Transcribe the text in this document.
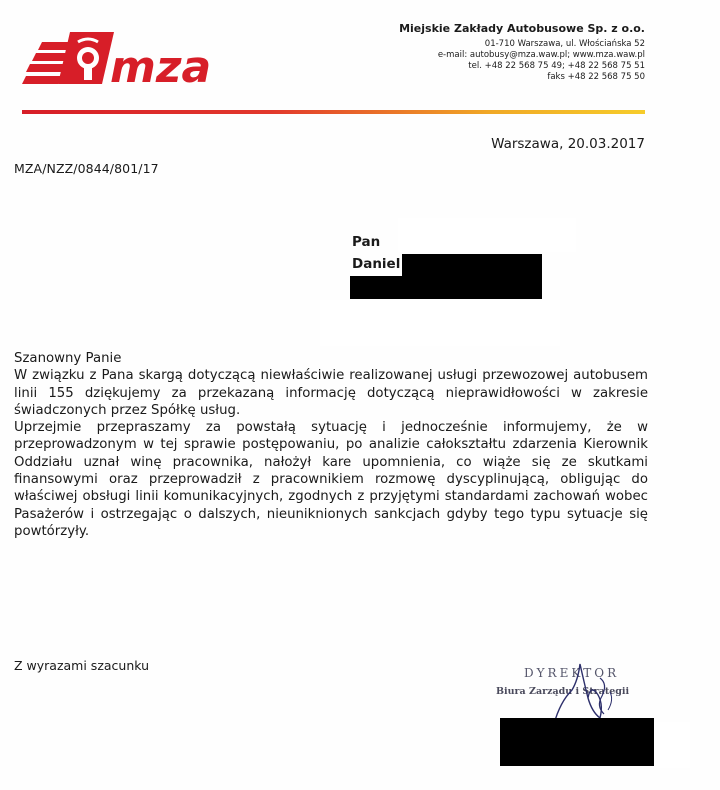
mza
Miejskie Zakłady Autobusowe Sp. z o.o.
01-710 Warszawa, ul. Włościańska 52
e-mail: autobusy@mza.waw.pl; www.mza.waw.pl
tel. +48 22 568 75 49; +48 22 568 75 51
faks +48 22 568 75 50
Warszawa, 20.03.2017
MZA/NZZ/0844/801/17
Pan
Daniel

Szanowny Panie

W związku z Pana skargą dotyczącą niewłaściwie realizowanej usługi przewozowej autobusem linii 155 dziękujemy za przekazaną informację dotyczącą nieprawidłowości w zakresie świadczonych przez Spółkę usług.

Uprzejmie przepraszamy za powstałą sytuację i jednocześnie informujemy, że w przeprowadzonym w tej sprawie postępowaniu, po analizie całokształtu zdarzenia Kierownik Oddziału uznał winę pracownika, nałożył kare upomnienia, co wiąże się ze skutkami finansowymi oraz przeprowadził z pracownikiem rozmowę dyscyplinującą, obligując do właściwej obsługi linii komunikacyjnych, zgodnych z przyjętymi standardami zachowań wobec Pasażerów i ostrzegając o dalszych, nieuniknionych sankcjach gdyby tego typu sytuacje się powtórzyły.

Z wyrazami szacunku	DYREKTOR
Biura Zarządu i Strategii
